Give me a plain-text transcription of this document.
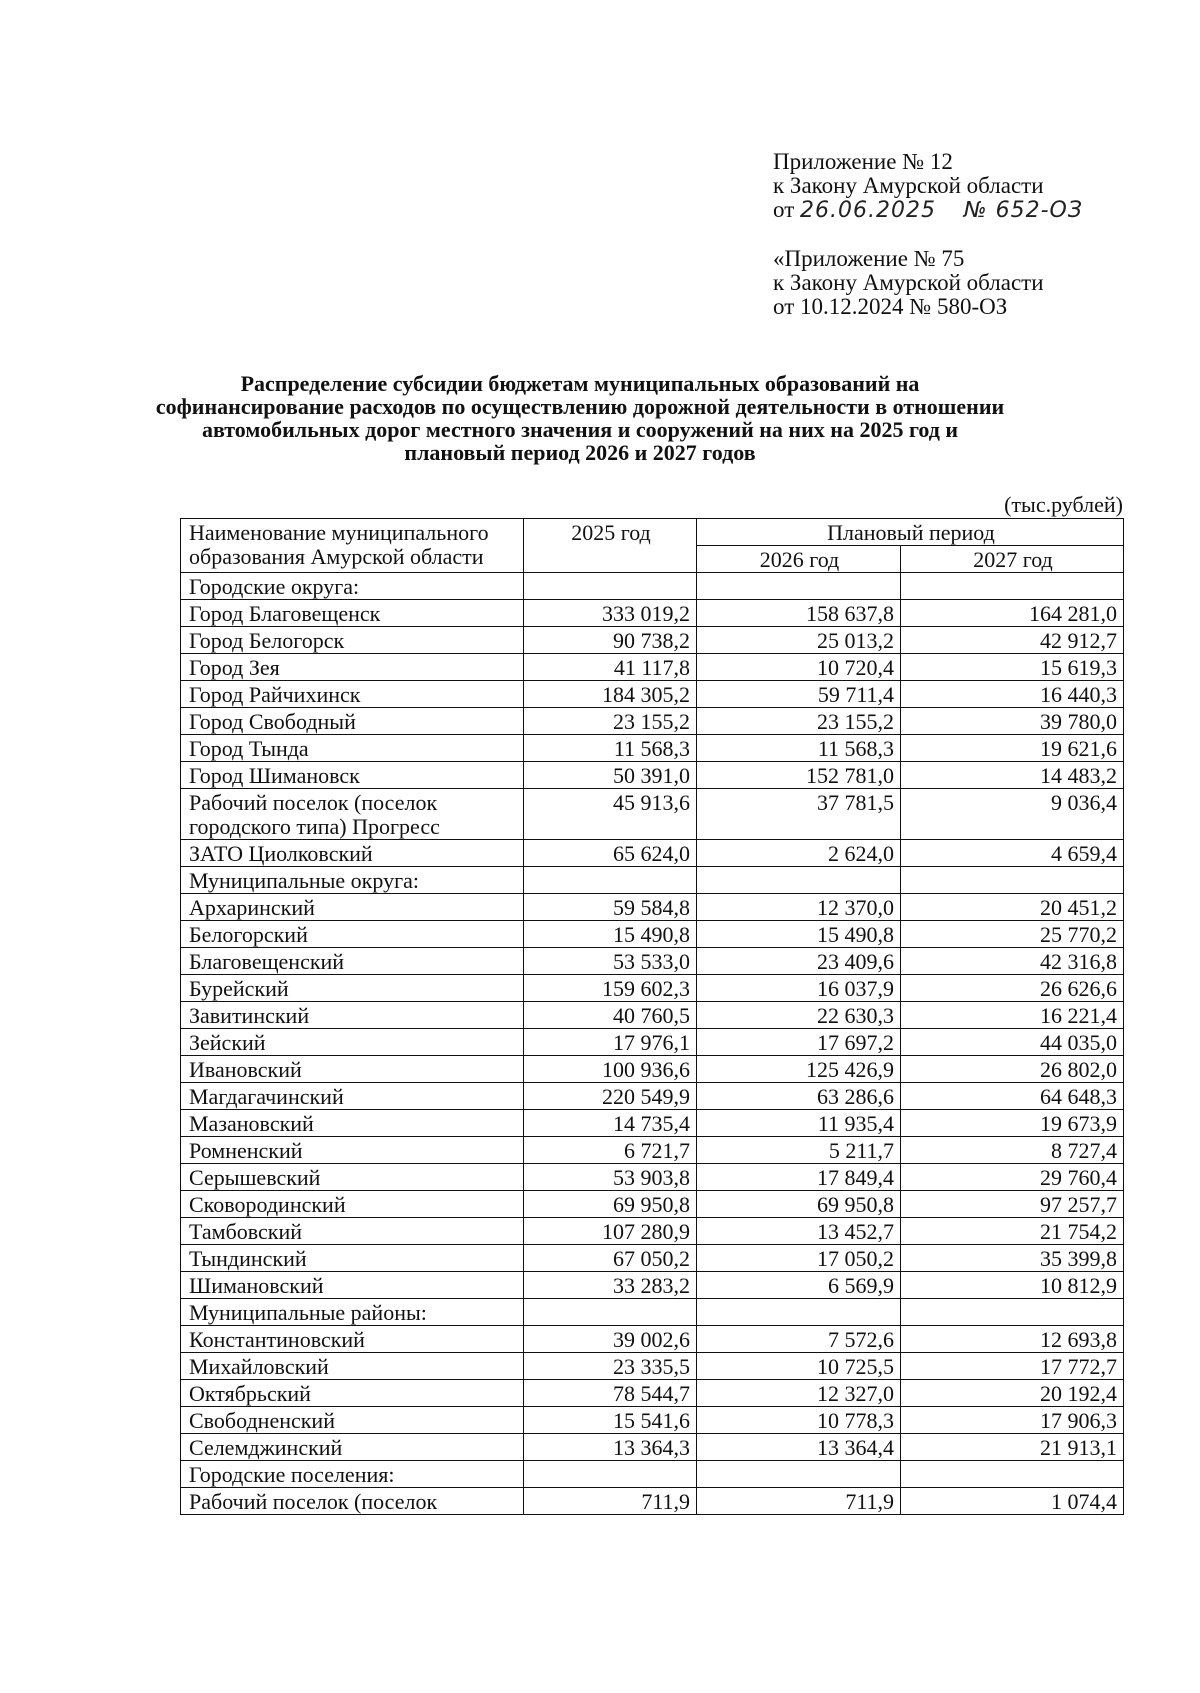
Приложение № 12
к Закону Амурской области
от 26.06.2025 № 652-ОЗ
«Приложение № 75
к Закону Амурской области
от 10.12.2024 № 580-ОЗ
Распределение субсидии бюджетам муниципальных образований на софинансирование расходов по осуществлению дорожной деятельности в отношении автомобильных дорог местного значения и сооружений на них на 2025 год и плановый период 2026 и 2027 годов
(тыс.рублей)
Наименование муниципального образования Амурской области	2025 год	Плановый период	
		2026 год	2027 год
Городские округа:			
Город Благовещенск	333 019,2	158 637,8	164 281,0
Город Белогорск	90 738,2	25 013,2	42 912,7
Город Зея	41 117,8	10 720,4	15 619,3
Город Райчихинск	184 305,2	59 711,4	16 440,3
Город Свободный	23 155,2	23 155,2	39 780,0
Город Тында	11 568,3	11 568,3	19 621,6
Город Шимановск	50 391,0	152 781,0	14 483,2
Рабочий поселок (поселок городского типа) Прогресс	45 913,6	37 781,5	9 036,4
ЗАТО Циолковский	65 624,0	2 624,0	4 659,4
Муниципальные округа:			
Архаринский	59 584,8	12 370,0	20 451,2
Белогорский	15 490,8	15 490,8	25 770,2
Благовещенский	53 533,0	23 409,6	42 316,8
Бурейский	159 602,3	16 037,9	26 626,6
Завитинский	40 760,5	22 630,3	16 221,4
Зейский	17 976,1	17 697,2	44 035,0
Ивановский	100 936,6	125 426,9	26 802,0
Магдагачинский	220 549,9	63 286,6	64 648,3
Мазановский	14 735,4	11 935,4	19 673,9
Ромненский	6 721,7	5 211,7	8 727,4
Серышевский	53 903,8	17 849,4	29 760,4
Сковородинский	69 950,8	69 950,8	97 257,7
Тамбовский	107 280,9	13 452,7	21 754,2
Тындинский	67 050,2	17 050,2	35 399,8
Шимановский	33 283,2	6 569,9	10 812,9
Муниципальные районы:			
Константиновский	39 002,6	7 572,6	12 693,8
Михайловский	23 335,5	10 725,5	17 772,7
Октябрьский	78 544,7	12 327,0	20 192,4
Свободненский	15 541,6	10 778,3	17 906,3
Селемджинский	13 364,3	13 364,4	21 913,1
Городские поселения:			
Рабочий поселок (поселок	711,9	711,9	1 074,4
